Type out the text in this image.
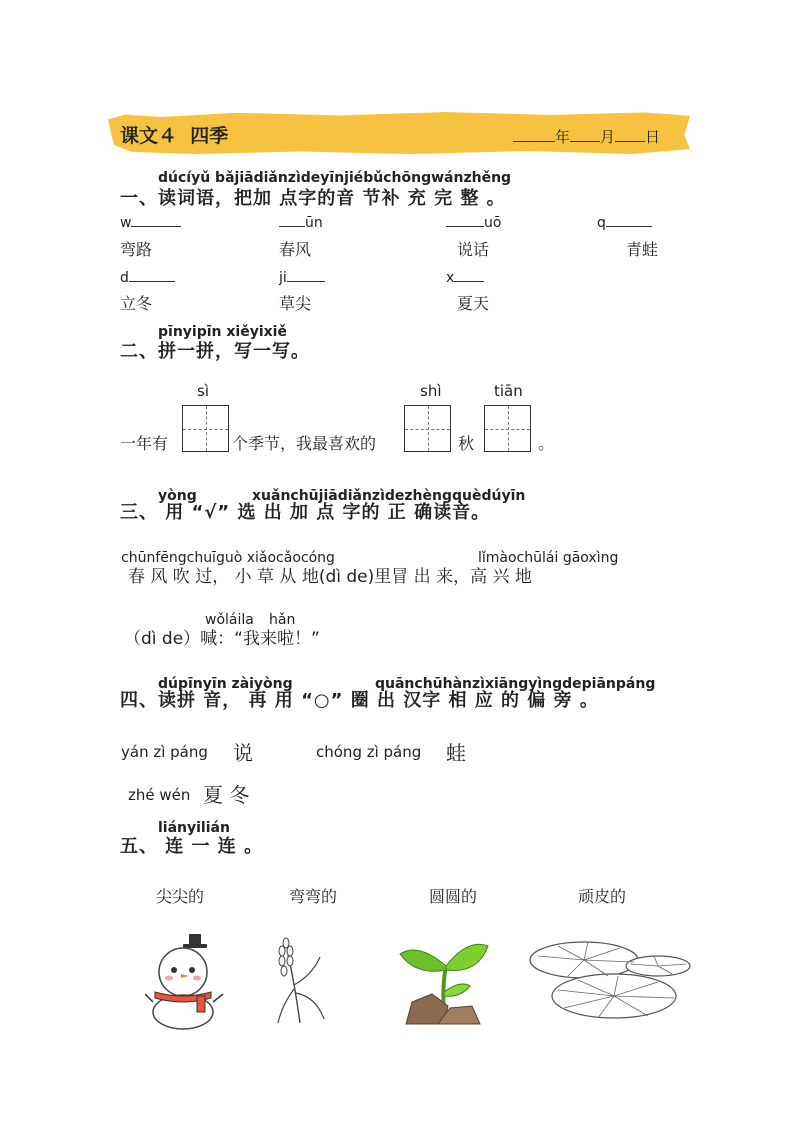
课文４  四季	年 月 日
dúcíyǔ bǎjiādiǎnzìdeyīnjiébǔchōngwánzhěng
一、读词语，把加 点字的音 节补 充 完 整 。
w	ūn	uō	q
弯路	春风	说话	青蛙
d	ji	x
立冬	草尖	夏天
pīnyipīn xiěyixiě
二、拼一拼，写一写。
sì	shì	tiān
一年有	个季节，我最喜欢的	秋	。
yòng	xuǎnchūjiādiǎnzìdezhèngquèdúyīn
三、 用 “√” 选 出 加 点 字的 正 确读音。
chūnfēngchuīguò xiǎocǎocóng	lǐmàochūlái gāoxìng
春 风 吹 过， 小 草 从 地(dì de)里冒 出 来，高 兴 地
wǒláila hǎn
（dì de）喊：“我来啦！”
dúpīnyīn zàiyòng	quānchūhànzìxiāngyìngdepiānpáng
四、读拼 音， 再 用 “○” 圈 出 汉字 相 应 的 偏 旁 。
yán zì páng 说	chóng zì páng 蛙
zhé wén 夏 冬
liányilián
五、 连 一 连 。
尖尖的	弯弯的	圆圆的	顽皮的
